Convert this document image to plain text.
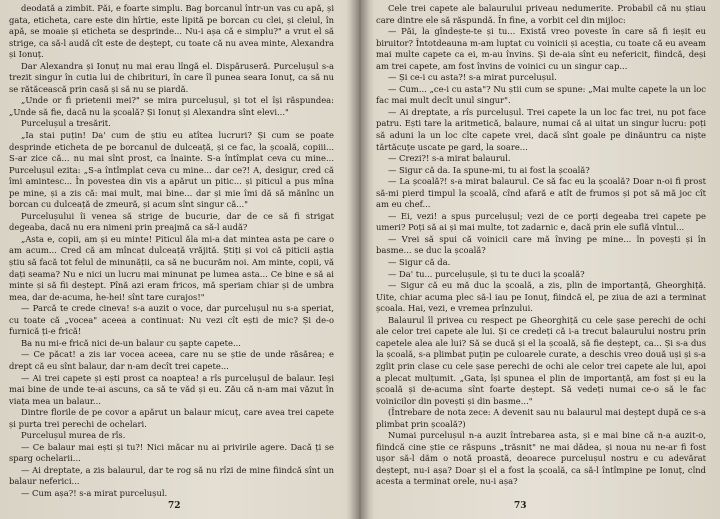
deodată a zimbit. Păi, e foarte simplu. Bag borcanul într-un vas cu apă, și gata, eticheta, care este din hîrtie, este lipită pe borcan cu clei, și cleiul, în apă, se moaie și eticheta se desprinde... Nu-i așa că e simplu?" a vrut el să strige, ca să-l audă cît este de deștept, cu toate că nu avea minte, Alexandra și Ionuț.

Dar Alexandra și Ionuț nu mai erau lîngă el. Dispăruseră. Purcelușul s-a trezit singur în cutia lui de chibrituri, în care îl punea seara Ionuț, ca să nu se rătăcească prin casă și să nu se piardă.

„Unde or fi prietenii mei?" se mira purcelușul, și tot el își răspundea: „Unde să fie, dacă nu la școală? Și Ionuț și Alexandra sînt elevi..."

Purcelușul a tresărit.

„Ia stai puțin! Da' cum de știu eu atîtea lucruri? Și cum se poate desprinde eticheta de pe borcanul de dulceață, și ce fac, la școală, copiii... S-ar zice că... nu mai sînt prost, ca înainte. S-a întîmplat ceva cu mine... Purcelușul ezita: „S-a întîmplat ceva cu mine... dar ce?! A, desigur, cred că îmi amintesc... În povestea din vis a apărut un pitic... și piticul a pus mîna pe mine, și a zis că: mai mult, mai bine... dar și mie îmi dă să mănînc un borcan cu dulceață de zmeură, și acum sînt singur că..."

Purcelușului îi venea să strige de bucurie, dar de ce să fi strigat degeaba, dacă nu era nimeni prin preajmă ca să-l audă?

„Asta e, copii, am și eu minte! Piticul ăla mi-a dat mintea asta pe care o am acum... Cred că am mîncat dulceață vrăjită. Știți și voi că piticii aștia știu să facă tot felul de minunății, ca să ne bucurăm noi. Am minte, copii, vă dați seama? Nu e nici un lucru mai minunat pe lumea asta... Ce bine e să ai minte și să fii deștept. Pînă azi eram fricos, mă speriam chiar și de umbra mea, dar de-acuma, he-hei! sînt tare curajos!"

— Parcă te crede cineva! s-a auzit o voce, dar purcelușul nu s-a speriat, cu toate că „vocea" aceea a continuat: Nu vezi cît ești de mic? Și de-o furnică ți-e frică!

Ba nu mi-e frică nici de-un balaur cu șapte capete...

— Ce păcat! a zis iar vocea aceea, care nu se știe de unde răsărea; e drept că eu sînt balaur, dar n-am decît trei capete...

— Ai trei capete și ești prost ca noaptea! a rîs purcelușul de balaur. Ieși mai bine de unde te-ai ascuns, ca să te văd și eu. Zău că n-am mai văzut în viața mea un balaur...

Dintre florile de pe covor a apărut un balaur micuț, care avea trei capete și purta trei perechi de ochelari.

Purcelușul murea de rîs.

— Ce balaur mai ești și tu?! Nici măcar nu ai privirile agere. Dacă ți se sparg ochelarii...

— Ai dreptate, a zis balaurul, dar te rog să nu rîzi de mine fiindcă sînt un balaur neferici...

— Cum așa?! s-a mirat purcelușul.

72

Cele trei capete ale balaurului priveau nedumerite. Probabil că nu știau care dintre ele să răspundă. În fine, a vorbit cel din mijloc:

— Păi, la gîndește-te și tu... Există vreo poveste în care să fi ieșit eu biruitor? Întotdeauna m-am luptat cu voinicii și aceștia, cu toate că eu aveam mai multe capete ca ei, m-au învins. Și de-aia sînt eu nefericit, fiindcă, deși am trei capete, am fost învins de voinici cu un singur cap...

— Și ce-i cu asta?! s-a mirat purcelușul.

— Cum... „ce-i cu asta"? Nu știi cum se spune: „Mai multe capete la un loc fac mai mult decît unul singur".

— Ai dreptate, a rîs purcelușul. Trei capete la un loc fac trei, nu pot face patru. Ești tare la aritmetică, balaure, numai că ai uitat un singur lucru: poți să aduni la un loc cîte capete vrei, dacă sînt goale pe dinăuntru ca niște tărtăcuțe uscate pe gard, la soare...

— Crezi?! s-a mirat balaurul.

— Sigur că da. Ia spune-mi, tu ai fost la școală?

— La școală?! s-a mirat balaurul. Ce să fac eu la școală? Doar n-oi fi prost să-mi pierd timpul la școală, cînd afară e atît de frumos și pot să mă joc cît am eu chef...

— Ei, vezi! a spus purcelușul; vezi de ce porți degeaba trei capete pe umeri? Poți să ai și mai multe, tot zadarnic e, dacă prin ele suflă vîntul...

— Vrei să spui că voinicii care mă înving pe mine... în povești și în basme... se duc la școală?

— Sigur că da.

— Da' tu... purcelușule, și tu te duci la școală?

— Sigur că eu mă duc la școală, a zis, plin de importanță, Gheorghiță. Uite, chiar acuma plec să-l iau pe Ionuț, fiindcă el, pe ziua de azi a terminat școala. Hai, vezi, e vremea prînzului.

Balaurul îl privea cu respect pe Gheorghiță cu cele șase perechi de ochi ale celor trei capete ale lui. Și ce credeți că i-a trecut balaurului nostru prin capetele alea ale lui? Să se ducă și el la școală, să fie deștept, ca... Și s-a dus la școală, s-a plimbat puțin pe culoarele curate, a deschis vreo două uși și s-a zgîit prin clase cu cele șase perechi de ochi ale celor trei capete ale lui, apoi a plecat mulțumit. „Gata, își spunea el plin de importanță, am fost și eu la școală și de-acuma sînt foarte deștept. Să vedeți numai ce-o să le fac voinicilor din povești și din basme..."

(Întrebare de nota zece: A devenit sau nu balaurul mai deștept după ce s-a plimbat prin școală?)

Numai purcelușul n-a auzit întrebarea asta, și e mai bine că n-a auzit-o, fiindcă cine știe ce răspuns „trăsnit" ne mai dădea, și noua nu ne-ar fi fost ușor să-l dăm o notă proastă, deoarece purcelușul nostru e cu adevărat deștept, nu-i așa? Doar și el a fost la școală, ca să-l întîmpine pe Ionuț, cînd acesta a terminat orele, nu-i așa?

73
